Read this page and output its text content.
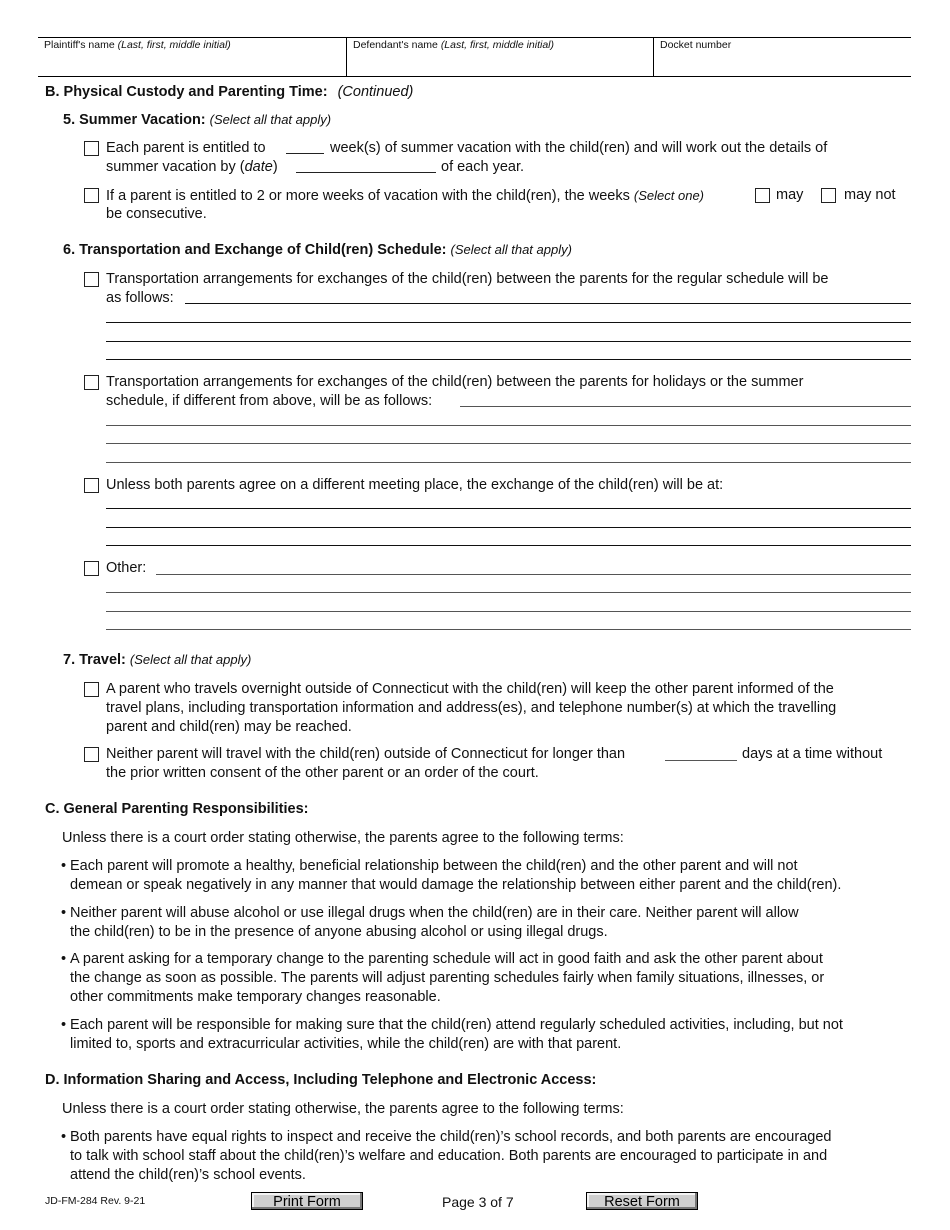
Plaintiff's name (Last, first, middle initial)	Defendant's name (Last, first, middle initial)	Docket number
B. Physical Custody and Parenting Time: (Continued)
5. Summer Vacation: (Select all that apply)
Each parent is entitled to	week(s) of summer vacation with the child(ren) and will work out the details of
summer vacation by (date)	of each year.
If a parent is entitled to 2 or more weeks of vacation with the child(ren), the weeks (Select one)	may	may not
be consecutive.
6. Transportation and Exchange of Child(ren) Schedule: (Select all that apply)
Transportation arrangements for exchanges of the child(ren) between the parents for the regular schedule will be
as follows:
Transportation arrangements for exchanges of the child(ren) between the parents for holidays or the summer
schedule, if different from above, will be as follows:
Unless both parents agree on a different meeting place, the exchange of the child(ren) will be at:
Other:
7. Travel: (Select all that apply)
A parent who travels overnight outside of Connecticut with the child(ren) will keep the other parent informed of the
travel plans, including transportation information and address(es), and telephone number(s) at which the travelling
parent and child(ren) may be reached.
Neither parent will travel with the child(ren) outside of Connecticut for longer than	days at a time without
the prior written consent of the other parent or an order of the court.
C. General Parenting Responsibilities:
Unless there is a court order stating otherwise, the parents agree to the following terms:
• Each parent will promote a healthy, beneficial relationship between the child(ren) and the other parent and will not
demean or speak negatively in any manner that would damage the relationship between either parent and the child(ren).
• Neither parent will abuse alcohol or use illegal drugs when the child(ren) are in their care. Neither parent will allow
the child(ren) to be in the presence of anyone abusing alcohol or using illegal drugs.
• A parent asking for a temporary change to the parenting schedule will act in good faith and ask the other parent about
the change as soon as possible. The parents will adjust parenting schedules fairly when family situations, illnesses, or
other commitments make temporary changes reasonable.
• Each parent will be responsible for making sure that the child(ren) attend regularly scheduled activities, including, but not
limited to, sports and extracurricular activities, while the child(ren) are with that parent.
D. Information Sharing and Access, Including Telephone and Electronic Access:
Unless there is a court order stating otherwise, the parents agree to the following terms:
• Both parents have equal rights to inspect and receive the child(ren)’s school records, and both parents are encouraged
to talk with school staff about the child(ren)’s welfare and education. Both parents are encouraged to participate in and
attend the child(ren)’s school events.
JD-FM-284 Rev. 9-21	Print Form	Page 3 of 7	Reset Form
